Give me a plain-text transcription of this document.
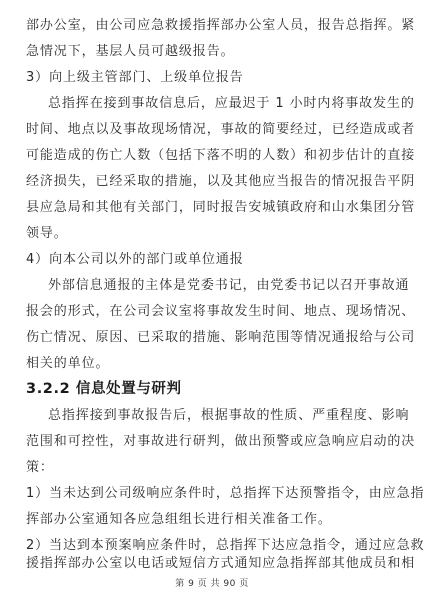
部办公室，由公司应急救援指挥部办公室人员，报告总指挥。紧
急情况下，基层人员可越级报告。
3）向上级主管部门、上级单位报告
总指挥在接到事故信息后，应最迟于 1 小时内将事故发生的
时间、地点以及事故现场情况，事故的简要经过，已经造成或者
可能造成的伤亡人数（包括下落不明的人数）和初步估计的直接
经济损失，已经采取的措施，以及其他应当报告的情况报告平阴
县应急局和其他有关部门，同时报告安城镇政府和山水集团分管
领导。
4）向本公司以外的部门或单位通报
外部信息通报的主体是党委书记，由党委书记以召开事故通
报会的形式，在公司会议室将事故发生时间、地点、现场情况、
伤亡情况、原因、已采取的措施、影响范围等情况通报给与公司
相关的单位。
3.2.2 信息处置与研判
总指挥接到事故报告后，根据事故的性质、严重程度、影响
范围和可控性，对事故进行研判，做出预警或应急响应启动的决
策：
1）当未达到公司级响应条件时，总指挥下达预警指令，由应急指
挥部办公室通知各应急组组长进行相关准备工作。
2）当达到本预案响应条件时，总指挥下达应急指令，通过应急救
援指挥部办公室以电话或短信方式通知应急指挥部其他成员和相
第 9 页 共 90 页
